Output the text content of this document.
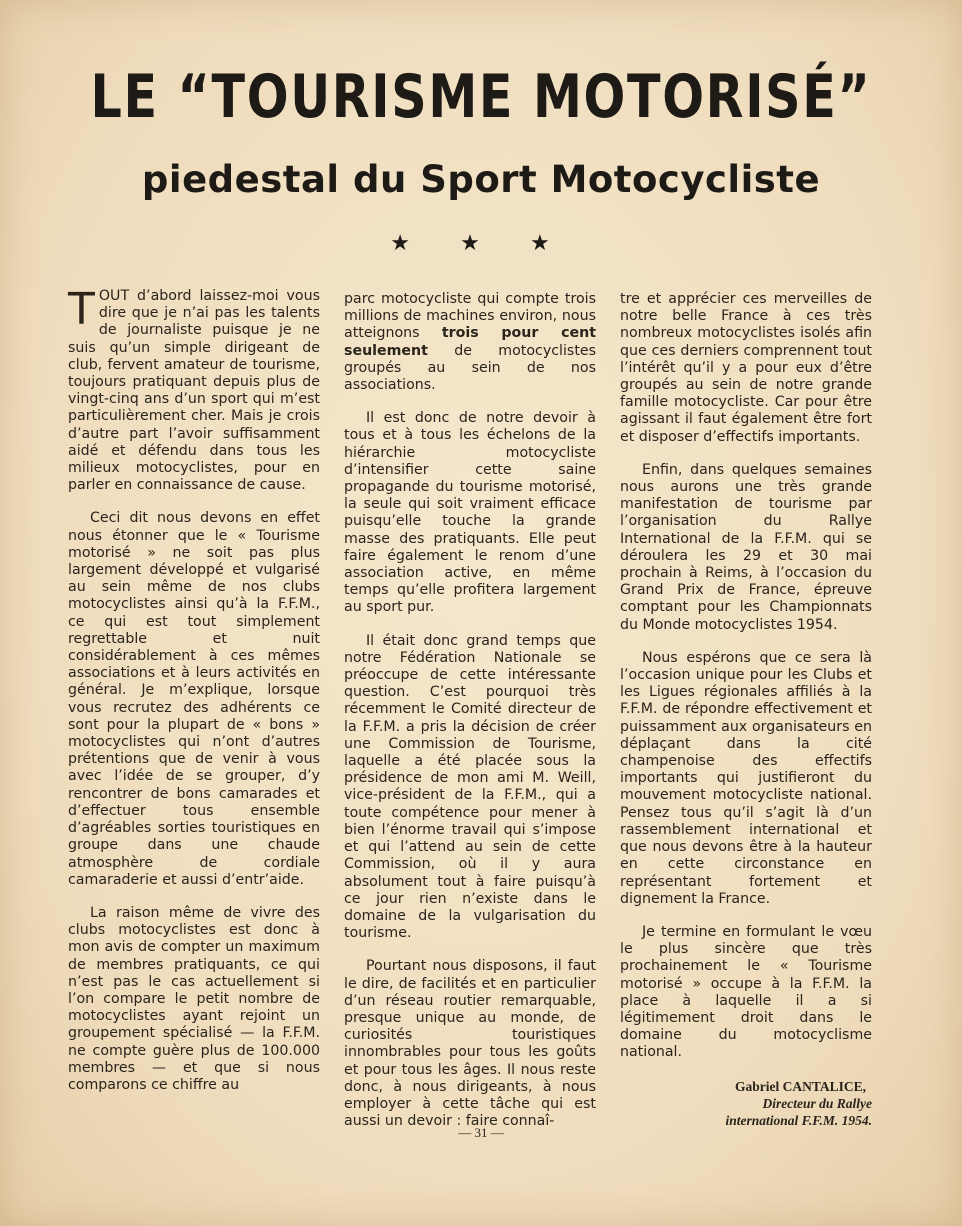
LE “TOURISME MOTORISÉ”
piedestal du Sport Motocycliste
★ ★ ★

TOUT d’abord laissez-moi vous dire que je n’ai pas les talents de journaliste puisque je ne suis qu’un simple dirigeant de club, fervent amateur de tourisme, toujours pratiquant depuis plus de vingt-cinq ans d’un sport qui m’est particulièrement cher. Mais je crois d’autre part l’avoir suffisamment aidé et défendu dans tous les milieux motocyclistes, pour en parler en connaissance de cause.

Ceci dit nous devons en effet nous étonner que le « Tourisme motorisé » ne soit pas plus largement développé et vulgarisé au sein même de nos clubs motocyclistes ainsi qu’à la F.F.M., ce qui est tout simplement regrettable et nuit considérablement à ces mêmes associations et à leurs activités en général. Je m’explique, lorsque vous recrutez des adhérents ce sont pour la plupart de « bons » motocyclistes qui n’ont d’autres prétentions que de venir à vous avec l’idée de se grouper, d’y rencontrer de bons camarades et d’effectuer tous ensemble d’agréables sorties touristiques en groupe dans une chaude atmosphère de cordiale camaraderie et aussi d’entr’aide.

La raison même de vivre des clubs motocyclistes est donc à mon avis de compter un maximum de membres pratiquants, ce qui n’est pas le cas actuellement si l’on compare le petit nombre de motocyclistes ayant rejoint un groupement spécialisé — la F.F.M. ne compte guère plus de 100.000 membres — et que si nous comparons ce chiffre au

parc motocycliste qui compte trois millions de machines environ, nous atteignons trois pour cent seulement de motocyclistes groupés au sein de nos associations.

Il est donc de notre devoir à tous et à tous les échelons de la hiérarchie motocycliste d’intensifier cette saine propagande du tourisme motorisé, la seule qui soit vraiment efficace puisqu’elle touche la grande masse des pratiquants. Elle peut faire également le renom d’une association active, en même temps qu’elle profitera largement au sport pur.

Il était donc grand temps que notre Fédération Nationale se préoccupe de cette intéressante question. C’est pourquoi très récemment le Comité directeur de la F.F.M. a pris la décision de créer une Commission de Tourisme, laquelle a été placée sous la présidence de mon ami M. Weill, vice-président de la F.F.M., qui a toute compétence pour mener à bien l’énorme travail qui s’impose et qui l’attend au sein de cette Commission, où il y aura absolument tout à faire puisqu’à ce jour rien n’existe dans le domaine de la vulgarisation du tourisme.

Pourtant nous disposons, il faut le dire, de facilités et en particulier d’un réseau routier remarquable, presque unique au monde, de curiosités touristiques innombrables pour tous les goûts et pour tous les âges. Il nous reste donc, à nous dirigeants, à nous employer à cette tâche qui est aussi un devoir : faire connaî-

tre et apprécier ces merveilles de notre belle France à ces très nombreux motocyclistes isolés afin que ces derniers comprennent tout l’intérêt qu’il y a pour eux d’être groupés au sein de notre grande famille motocycliste. Car pour être agissant il faut également être fort et disposer d’effectifs importants.

Enfin, dans quelques semaines nous aurons une très grande manifestation de tourisme par l’organisation du Rallye International de la F.F.M. qui se déroulera les 29 et 30 mai prochain à Reims, à l’occasion du Grand Prix de France, épreuve comptant pour les Championnats du Monde motocyclistes 1954.

Nous espérons que ce sera là l’occasion unique pour les Clubs et les Ligues régionales affiliés à la F.F.M. de répondre effectivement et puissamment aux organisateurs en déplaçant dans la cité champenoise des effectifs importants qui justifieront du mouvement motocycliste national. Pensez tous qu’il s’agit là d’un rassemblement international et que nous devons être à la hauteur en cette circonstance en représentant fortement et dignement la France.

Je termine en formulant le vœu le plus sincère que très prochainement le « Tourisme motorisé » occupe à la F.F.M. la place à laquelle il a si légitimement droit dans le domaine du motocyclisme national.

Gabriel CANTALICE,
Directeur du Rallye
international F.F.M. 1954.
— 31 —
